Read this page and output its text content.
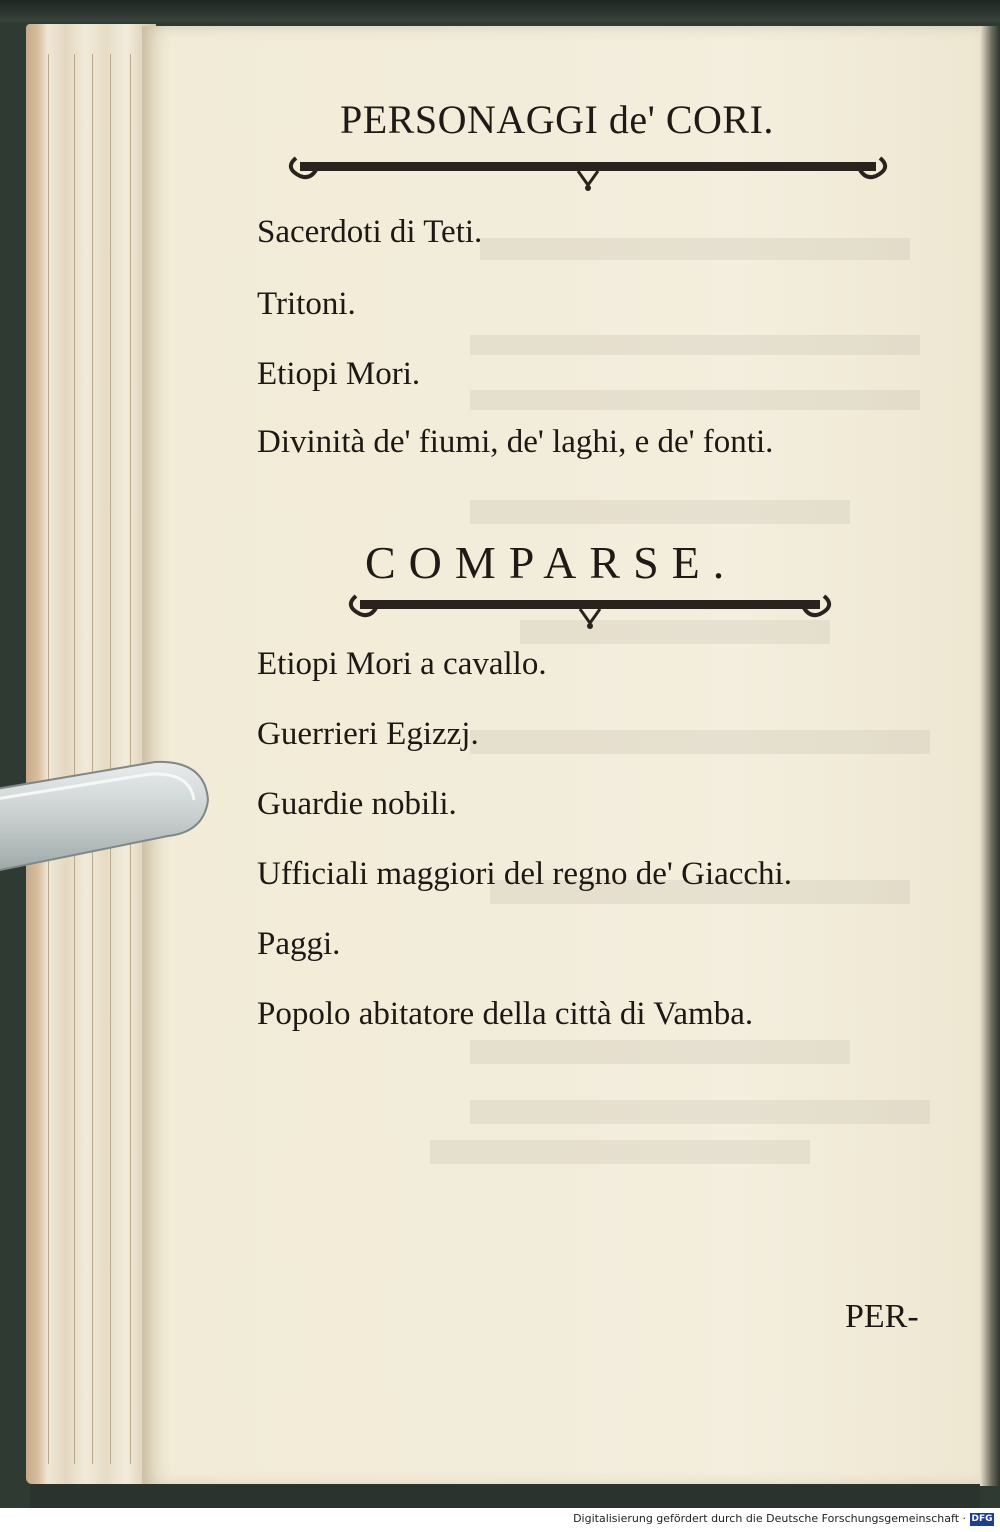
PERSONAGGI de' CORI.
Sacerdoti di Teti.
Tritoni.
Etiopi Mori.
Divinità de' fiumi, de' laghi, e de' fonti.
COMPARSE.
Etiopi Mori a cavallo.
Guerrieri Egizzj.
Guardie nobili.
Ufficiali maggiori del regno de' Giacchi.
Paggi.
Popolo abitatore della città di Vamba.
PER-
Digitalisierung gefördert durch die Deutsche Forschungsgemeinschaft · DFG
